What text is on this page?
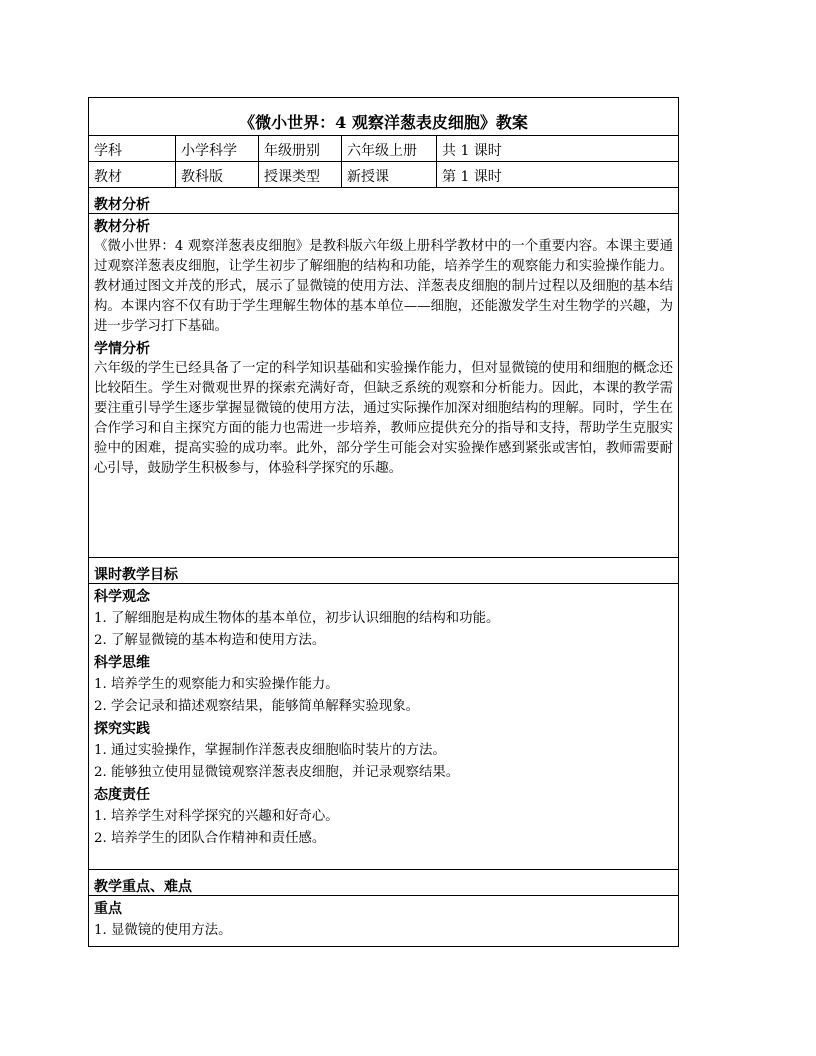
《微小世界：4 观察洋葱表皮细胞》教案
学科	小学科学	年级册别	六年级上册	共 1 课时
教材	教科版	授课类型	新授课	第 1 课时
教材分析
教材分析
《微小世界：4 观察洋葱表皮细胞》是教科版六年级上册科学教材中的一个重要内容。本课主要通过观察洋葱表皮细胞，让学生初步了解细胞的结构和功能，培养学生的观察能力和实验操作能力。教材通过图文并茂的形式，展示了显微镜的使用方法、洋葱表皮细胞的制片过程以及细胞的基本结构。本课内容不仅有助于学生理解生物体的基本单位——细胞，还能激发学生对生物学的兴趣，为进一步学习打下基础。
学情分析
六年级的学生已经具备了一定的科学知识基础和实验操作能力，但对显微镜的使用和细胞的概念还比较陌生。学生对微观世界的探索充满好奇，但缺乏系统的观察和分析能力。因此，本课的教学需要注重引导学生逐步掌握显微镜的使用方法，通过实际操作加深对细胞结构的理解。同时，学生在合作学习和自主探究方面的能力也需进一步培养，教师应提供充分的指导和支持，帮助学生克服实验中的困难，提高实验的成功率。此外，部分学生可能会对实验操作感到紧张或害怕，教师需要耐心引导，鼓励学生积极参与，体验科学探究的乐趣。
课时教学目标
科学观念
1. 了解细胞是构成生物体的基本单位，初步认识细胞的结构和功能。
2. 了解显微镜的基本构造和使用方法。
科学思维
1. 培养学生的观察能力和实验操作能力。
2. 学会记录和描述观察结果，能够简单解释实验现象。
探究实践
1. 通过实验操作，掌握制作洋葱表皮细胞临时装片的方法。
2. 能够独立使用显微镜观察洋葱表皮细胞，并记录观察结果。
态度责任
1. 培养学生对科学探究的兴趣和好奇心。
2. 培养学生的团队合作精神和责任感。
教学重点、难点
重点
1. 显微镜的使用方法。
